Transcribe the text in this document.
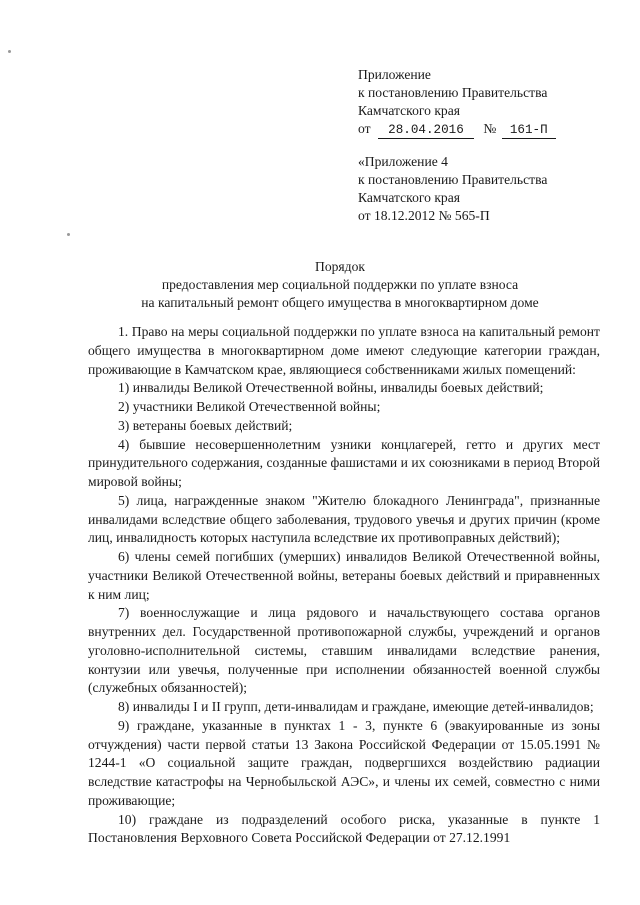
Приложение
к постановлению Правительства
Камчатского края
от 28.04.2016 № 161-П
«Приложение 4
к постановлению Правительства
Камчатского края
от 18.12.2012 № 565-П
Порядок
предоставления мер социальной поддержки по уплате взноса
на капитальный ремонт общего имущества в многоквартирном доме

1. Право на меры социальной поддержки по уплате взноса на капитальный ремонт общего имущества в многоквартирном доме имеют следующие категории граждан, проживающие в Камчатском крае, являющиеся собственниками жилых помещений:

1) инвалиды Великой Отечественной войны, инвалиды боевых действий;

2) участники Великой Отечественной войны;

3) ветераны боевых действий;

4) бывшие несовершеннолетним узники концлагерей, гетто и других мест принудительного содержания, созданные фашистами и их союзниками в период Второй мировой войны;

5) лица, награжденные знаком "Жителю блокадного Ленинграда", признанные инвалидами вследствие общего заболевания, трудового увечья и других причин (кроме лиц, инвалидность которых наступила вследствие их противоправных действий);

6) члены семей погибших (умерших) инвалидов Великой Отечественной войны, участники Великой Отечественной войны, ветераны боевых действий и приравненных к ним лиц;

7) военнослужащие и лица рядового и начальствующего состава органов внутренних дел. Государственной противопожарной службы, учреждений и органов уголовно-исполнительной системы, ставшим инвалидами вследствие ранения, контузии или увечья, полученные при исполнении обязанностей военной службы (служебных обязанностей);

8) инвалиды I и II групп, дети-инвалидам и граждане, имеющие детей-инвалидов;

9) граждане, указанные в пунктах 1 - 3, пункте 6 (эвакуированные из зоны отчуждения) части первой статьи 13 Закона Российской Федерации от 15.05.1991 № 1244-1 «О социальной защите граждан, подвергшихся воздействию радиации вследствие катастрофы на Чернобыльской АЭС», и члены их семей, совместно с ними проживающие;

10) граждане из подразделений особого риска, указанные в пункте 1 Постановления Верховного Совета Российской Федерации от 27.12.1991
